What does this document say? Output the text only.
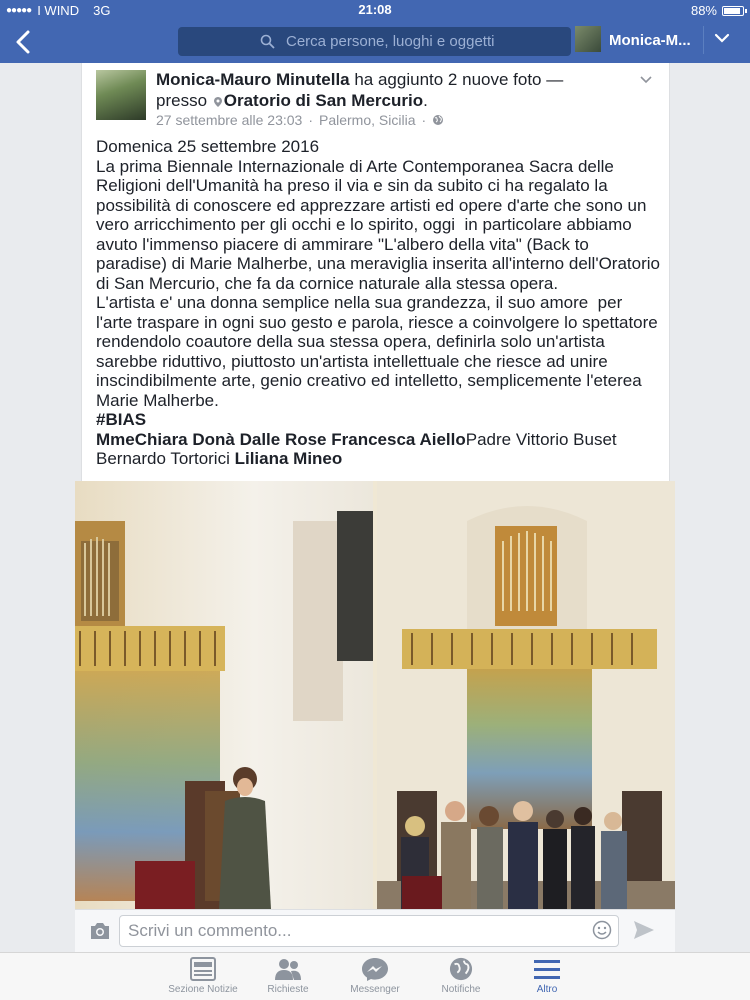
●●●●● I WIND 3G	21:08	88%
Cerca persone, luoghi e oggetti	Monica-M...
Monica-Mauro Minutella ha aggiunto 2 nuove foto —
presso Oratorio di San Mercurio.
27 settembre alle 23:03 · Palermo, Sicilia ·
Domenica 25 settembre 2016
La prima Biennale Internazionale di Arte Contemporanea Sacra delle Religioni dell'Umanità ha preso il via e sin da subito ci ha regalato la possibilità di conoscere ed apprezzare artisti ed opere d'arte che sono un vero arricchimento per gli occhi e lo spirito, oggi  in particolare abbiamo avuto l'immenso piacere di ammirare "L'albero della vita" (Back to paradise) di Marie Malherbe, una meraviglia inserita all'interno dell'Oratorio di San Mercurio, che fa da cornice naturale alla stessa opera.
L'artista e' una donna semplice nella sua grandezza, il suo amore  per l'arte traspare in ogni suo gesto e parola, riesce a coinvolgere lo spettatore rendendolo coautore della sua stessa opera, definirla solo un'artista sarebbe riduttivo, piuttosto un'artista intellettuale che riesce ad unire inscindibilmente arte, genio creativo ed intelletto, semplicemente l'eterea Marie Malherbe.
#BIAS
MmeChiara Donà Dalle Rose Francesca AielloPadre Vittorio Buset
Bernardo Tortorici Liliana Mineo
Scrivi un commento...
Sezione Notizie	Richieste	Messenger	Notifiche	Altro
